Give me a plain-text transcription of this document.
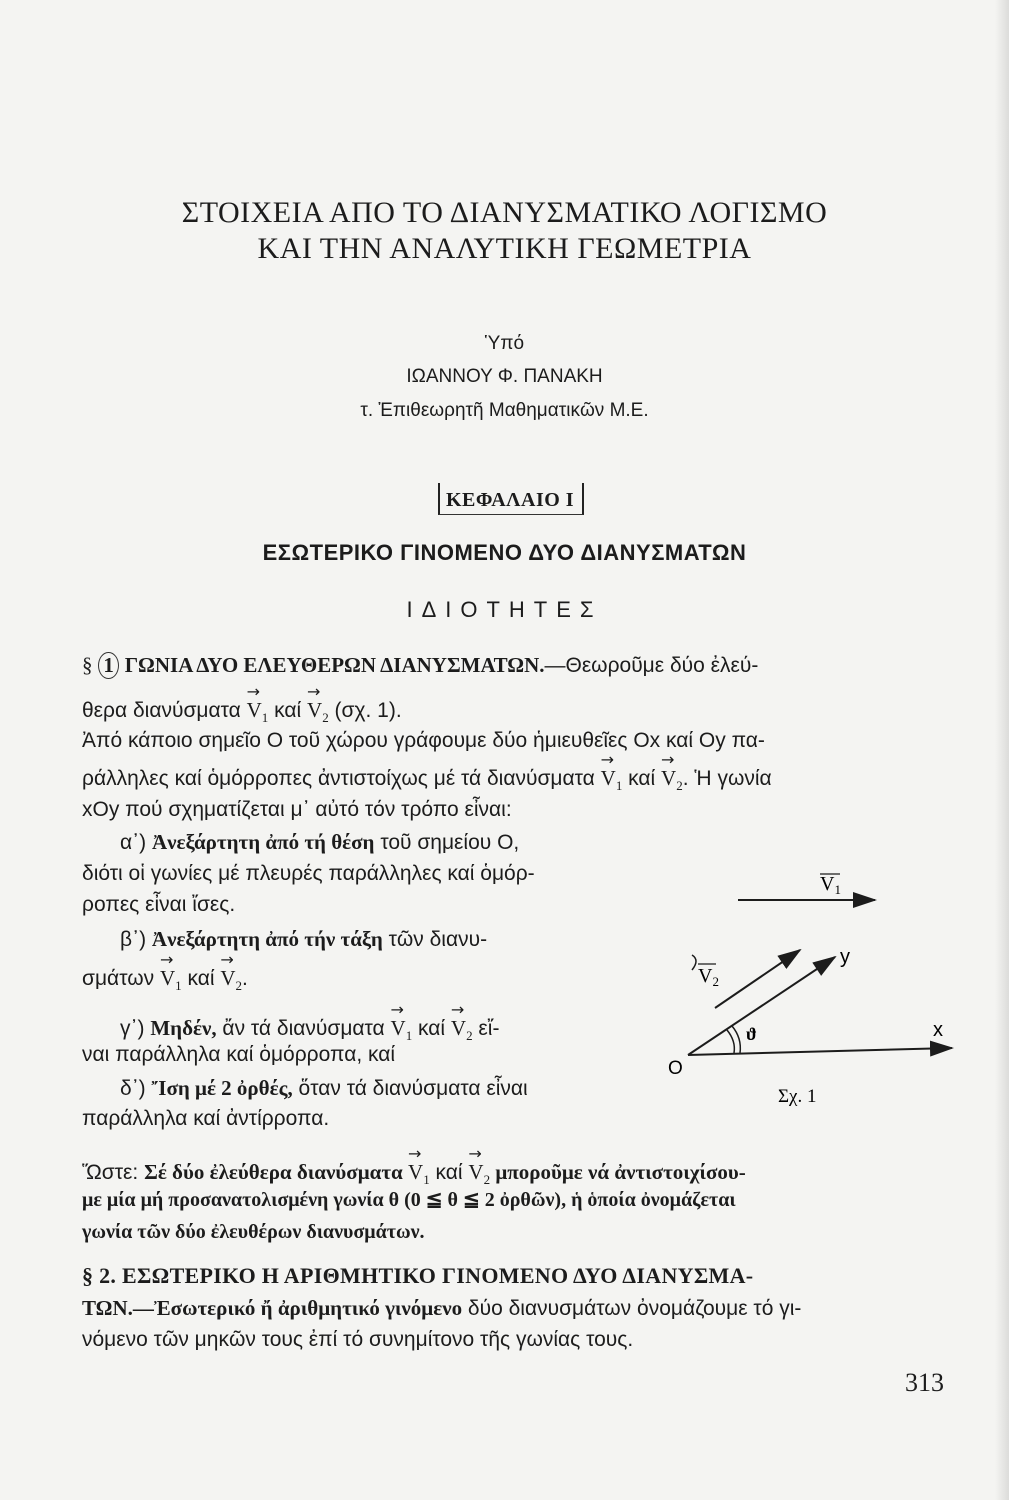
ΣΤΟΙΧΕΙΑ ΑΠΟ ΤΟ ΔΙΑΝΥΣΜΑΤΙΚΟ ΛΟΓΙΣΜΟ
ΚΑΙ ΤΗΝ ΑΝΑΛΥΤΙΚΗ ΓΕΩΜΕΤΡΙΑ
Ὑπό
ΙΩΑΝΝΟΥ Φ. ΠΑΝΑΚΗ
τ. Ἐπιθεωρητῆ Μαθηματικῶν Μ.Ε.
ΚΕΦΑΛΑΙΟ Ι
ΕΣΩΤΕΡΙΚΟ ΓΙΝΟΜΕΝΟ ΔΥΟ ΔΙΑΝΥΣΜΑΤΩΝ
ΙΔΙΟΤΗΤΕΣ
§ 1 ΓΩΝΙΑ ΔΥΟ ΕΛΕΥΘΕΡΩΝ ΔΙΑΝΥΣΜΑΤΩΝ.—Θεωροῦμε δύο ἐλεύ-
θερα $\delta\iota\alpha\nu ύ\sigma\mu\alpha\tau\alpha \to V_1$ $\kappa\alpha ί \to V_2$ (σχ. 1).
Ἀπό κάποιο σημεῖο Ο τοῦ χώρου γράφουμε δύο ἡμιευθεῖες Οx καί Οy πα-
ράλληλες καί ὁμόρροπες ἀντιστοίχως μέ τά $\delta\iota\alpha\nu ύ\sigma\mu\alpha\tau\alpha \to V_1$ $\kappa\alpha ί \to V_2$. Ἡ γωνία
xOy πού σχηματίζεται μ᾽ αὐτό τόν τρόπο εἶναι:
α᾽) Ἀνεξάρτητη ἀπό τή θέση τοῦ σημείου Ο,
διότι οἱ γωνίες μέ πλευρές παράλληλες καί ὁμόρ-
ροπες εἶναι ἴσες.
β᾽) Ἀνεξάρτητη ἀπό τήν τάξη τῶν διανυ-
$\sigma\mu ά\tau\omega\nu \to V_1$ $\kappa\alpha ί \to V_2$.
γ᾽) Μηδέν, ἄν τά $\delta\iota\alpha\nu ύ\sigma\mu\alpha\tau\alpha \to V_1$ $\kappa\alpha ί \to V_2$ εἴ-
ναι παράλληλα καί ὁμόρροπα, καί
δ᾽) Ἴση μέ 2 ὀρθές, ὅταν τά διανύσματα εἶναι
παράλληλα καί ἀντίρροπα.
Ὥστε: Σέ δύο ἐλεύθερα $\delta\iota\alpha\nu ύ\sigma\mu\alpha\tau\alpha \to V_1$ $\kappa\alpha ί \to V_2$ μποροῦμε νά ἀντιστοιχίσου-
με μία μή προσανατολισμένη γωνία θ (0 ≦ θ ≦ 2 ὀρθῶν), ἡ ὁποία ὀνομάζεται
γωνία τῶν δύο ἐλευθέρων διανυσμάτων.
§ 2. ΕΣΩΤΕΡΙΚΟ Η ΑΡΙΘΜΗΤΙΚΟ ΓΙΝΟΜΕΝΟ ΔΥΟ ΔΙΑΝΥΣΜΑ-
ΤΩΝ.—Ἐσωτερικό ἤ ἀριθμητικό γινόμενο δύο διανυσμάτων ὀνομάζουμε τό γι-
νόμενο τῶν μηκῶν τους ἐπί τό συνημίτονο τῆς γωνίας τους.
313
$V_1$
$V_2$
y
x
ϑ
O
Σχ. 1
